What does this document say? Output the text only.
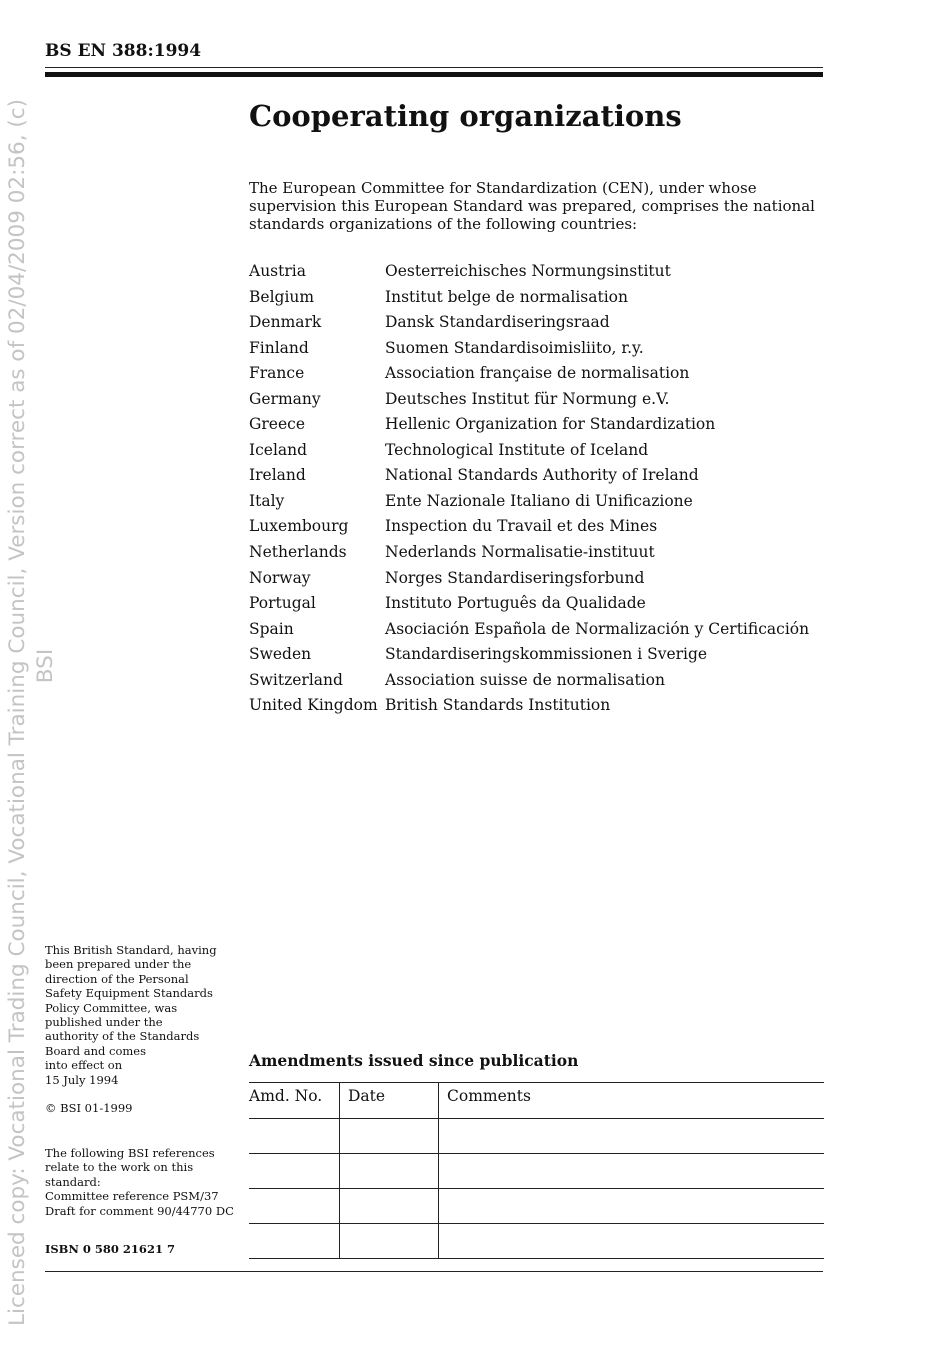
Licensed copy: Vocational Trading Council, Vocational Training Council, Version correct as of 02/04/2009 02:56, (c) BSI
BS EN 388:1994
Cooperating organizations
The European Committee for Standardization (CEN), under whose supervision this European Standard was prepared, comprises the national standards organizations of the following countries:
Austria	Oesterreichisches Normungsinstitut
Belgium	Institut belge de normalisation
Denmark	Dansk Standardiseringsraad
Finland	Suomen Standardisoimisliito, r.y.
France	Association française de normalisation
Germany	Deutsches Institut für Normung e.V.
Greece	Hellenic Organization for Standardization
Iceland	Technological Institute of Iceland
Ireland	National Standards Authority of Ireland
Italy	Ente Nazionale Italiano di Unificazione
Luxembourg	Inspection du Travail et des Mines
Netherlands	Nederlands Normalisatie-instituut
Norway	Norges Standardiseringsforbund
Portugal	Instituto Português da Qualidade
Spain	Asociación Española de Normalización y Certificación
Sweden	Standardiseringskommissionen i Sverige
Switzerland	Association suisse de normalisation
United Kingdom British Standards Institution

This British Standard, having

been prepared under the

direction of the Personal

Safety Equipment Standards

Policy Committee, was

published under the

authority of the Standards

Board and comes

into effect on

15 July 1994

© BSI 01-1999

The following BSI references

relate to the work on this

standard:

Committee reference PSM/37

Draft for comment 90/44770 DC

ISBN 0 580 21621 7
Amendments issued since publication
Amd. No.	Date	Comments
